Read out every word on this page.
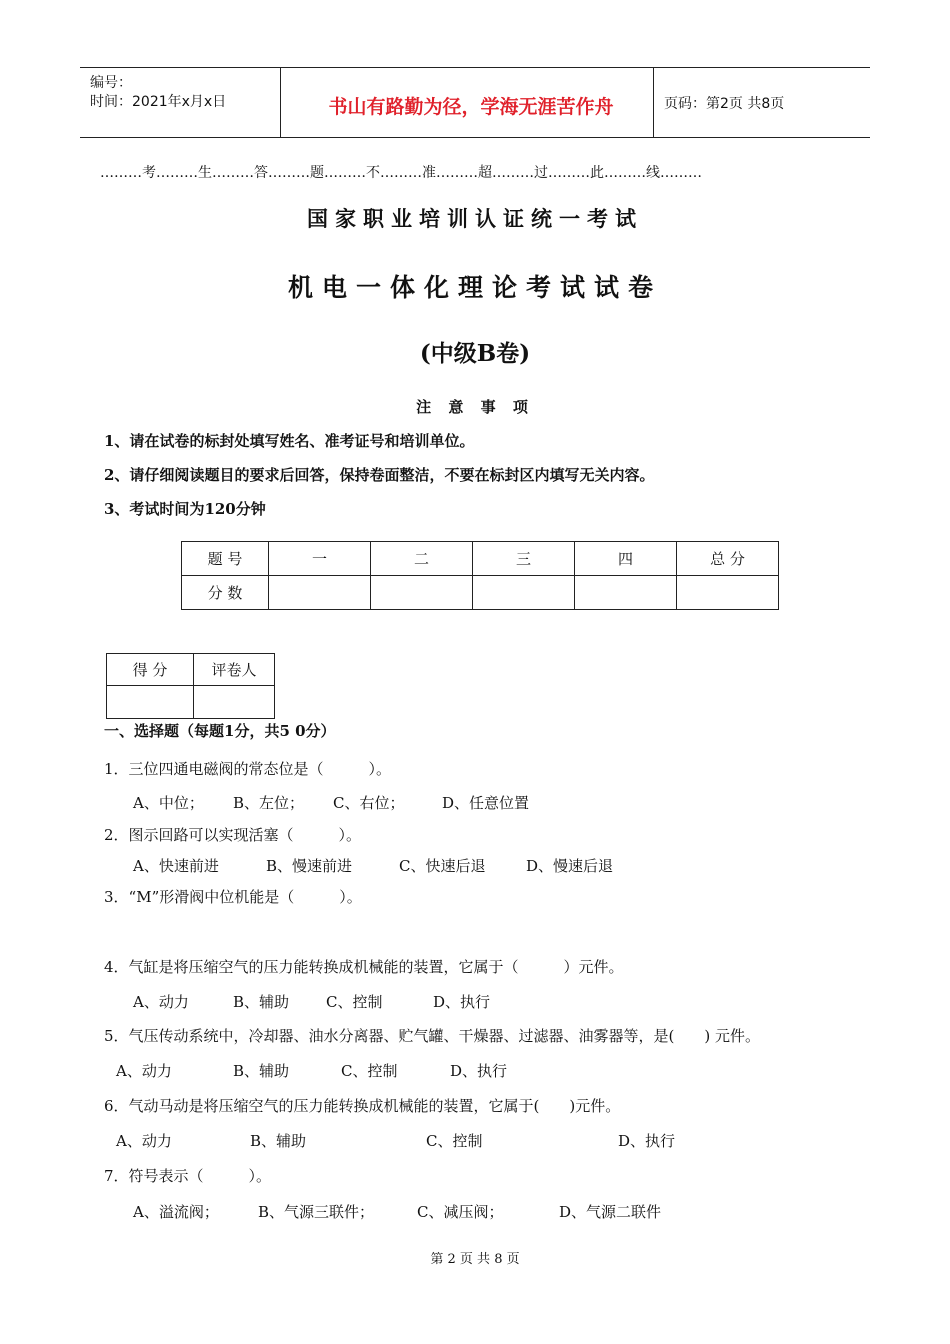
编号：
时间：2021年x月x日	书山有路勤为径，学海无涯苦作舟	页码：第2页 共8页
………考………生………答………题………不………准………超………过………此………线………
国家职业培训认证统一考试
机电一体化理论考试试卷
(中级B卷)
注 意 事 项
1、请在试卷的标封处填写姓名、准考证号和培训单位。
2、请仔细阅读题目的要求后回答，保持卷面整洁，不要在标封区内填写无关内容。
3、考试时间为120分钟
题 号	一	二	三	四	总 分
分 数					
得 分	评卷人

一、选择题（每题1分，共5 0分）
1．三位四通电磁阀的常态位是（　　　）。
A、中位； B、左位； C、右位；	D、任意位置
2．图示回路可以实现活塞（　　　）。
A、快速前进	B、慢速前进	C、快速后退	D、慢速后退
3．“M”形滑阀中位机能是（　　　）。
4．气缸是将压缩空气的压力能转换成机械能的装置，它属于（　　　）元件。
A、动力	B、辅助 C、控制	D、执行
5．气压传动系统中，冷却器、油水分离器、贮气罐、干燥器、过滤器、油雾器等，是(　　) 元件。
A、动力	B、辅助	C、控制	D、执行
6．气动马动是将压缩空气的压力能转换成机械能的装置，它属于(　　)元件。
A、动力	B、辅助	C、控制	D、执行
7．符号表示（　　　）。
A、溢流阀；	B、气源三联件；	C、减压阀；	D、气源二联件
第 2 页 共 8 页
